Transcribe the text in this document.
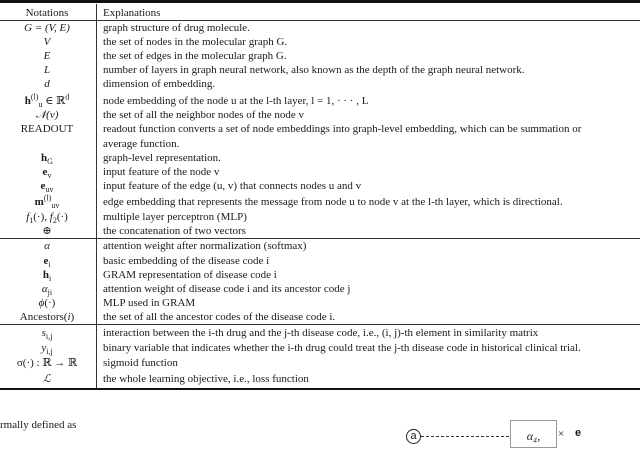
Notations	Explanations
G = (V, E)	graph structure of drug molecule.
V	the set of nodes in the molecular graph G.
E	the set of edges in the molecular graph G.
L	number of layers in graph neural network, also known as the depth of the graph neural network.
d	dimension of embedding.
$h^{(l)}_u$ ∈ ℝ$^d$	node embedding of the node u at the l-th layer, l = 1, · · · , L
𝒩(v)	the set of all the neighbor nodes of the node v
READOUT	readout function converts a set of node embeddings into graph-level embedding, which can be summation or
average function.
$h_G$	graph-level representation.
$e_v$	input feature of the node v
$e_{uv}$	input feature of the edge (u, v) that connects nodes u and v
$m^{(l)}_{uv}$	edge embedding that represents the message from node u to node v at the l-th layer, which is directional.
$f_1(\cdot)$, $f_2(\cdot)$	multiple layer perceptron (MLP)
⊕	the concatenation of two vectors
α	attention weight after normalization (softmax)
$e_i$	basic embedding of the disease code i
$h_i$	GRAM representation of disease code i
$\alpha_{ji}$	attention weight of disease code i and its ancestor code j
ϕ(·)	MLP used in GRAM
Ancestors(i)	the set of all the ancestor codes of the disease code i.
$s_{i,j}$	interaction between the i-th drug and the j-th disease code, i.e., (i, j)-th element in similarity matrix
$y_{i,j}$	binary variable that indicates whether the i-th drug could treat the j-th disease code in historical clinical trial.
σ(·) : ℝ → ℝ	sigmoid function
ℒ	the whole learning objective, i.e., loss function
rmally defined as
a	α₄,	× e
